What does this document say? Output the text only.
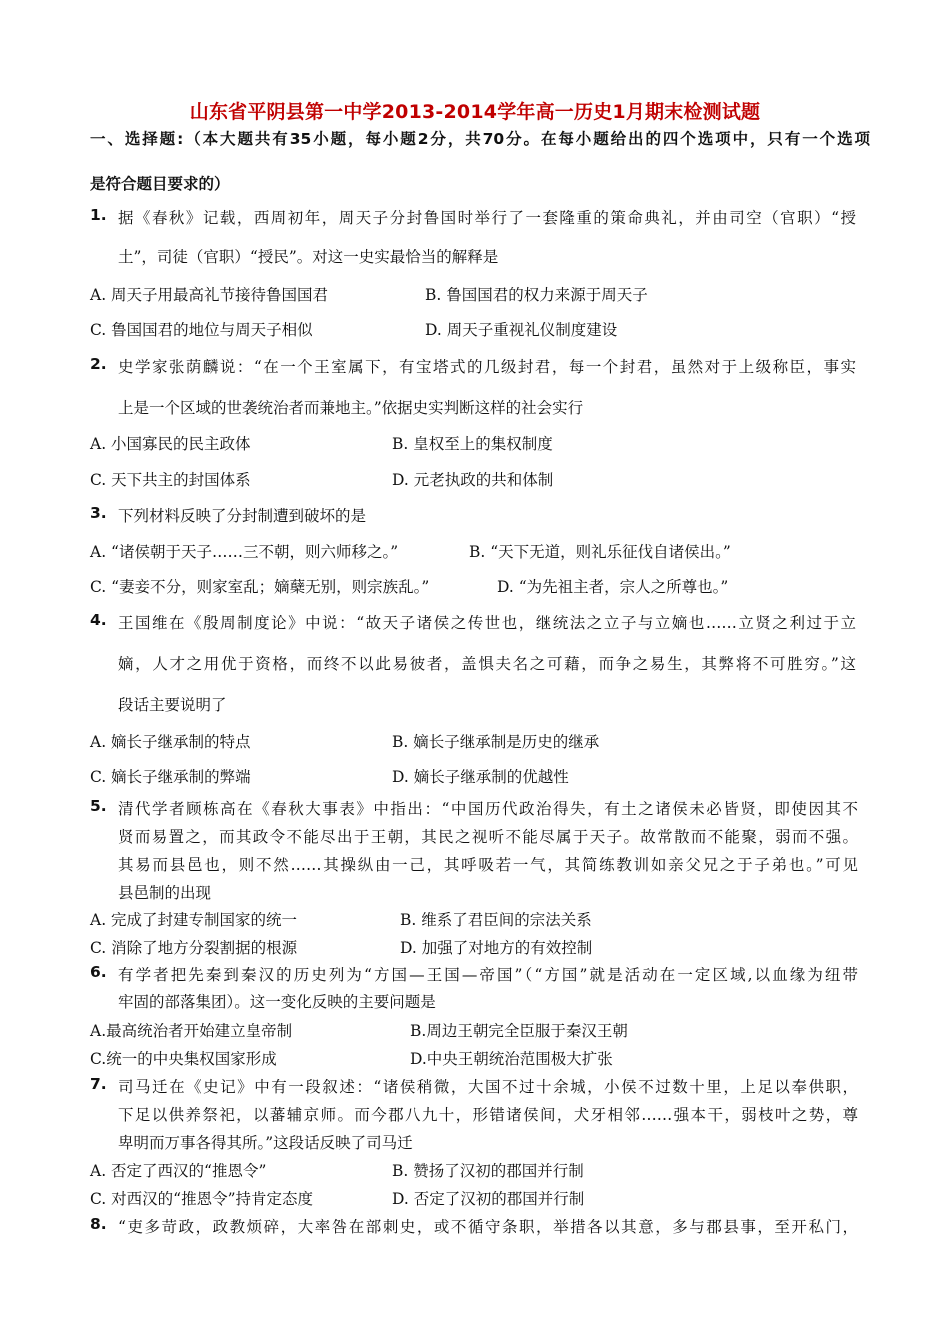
山东省平阴县第一中学2013-2014学年高一历史1月期末检测试题
一、选择题:（本大题共有35小题，每小题2分，共70分。在每小题给出的四个选项中，只有一个选项
是符合题目要求的）
1. 据《春秋》记载，西周初年，周天子分封鲁国时举行了一套隆重的策命典礼，并由司空（官职）“授
土”，司徒（官职）“授民”。对这一史实最恰当的解释是
A. 周天子用最高礼节接待鲁国国君	B. 鲁国国君的权力来源于周天子
C. 鲁国国君的地位与周天子相似	D. 周天子重视礼仪制度建设
2. 史学家张荫麟说：“在一个王室属下，有宝塔式的几级封君，每一个封君，虽然对于上级称臣，事实
上是一个区域的世袭统治者而兼地主。”依据史实判断这样的社会实行
A. 小国寡民的民主政体	B. 皇权至上的集权制度
C. 天下共主的封国体系	D. 元老执政的共和体制
3. 下列材料反映了分封制遭到破坏的是
A. “诸侯朝于天子……三不朝，则六师移之。”	B. “天下无道，则礼乐征伐自诸侯出。”
C. “妻妾不分，则家室乱；嫡蘖无别，则宗族乱。”	D. “为先祖主者，宗人之所尊也。”
4. 王国维在《殷周制度论》中说：“故天子诸侯之传世也，继统法之立子与立嫡也……立贤之利过于立
嫡，人才之用优于资格，而终不以此易彼者，盖惧夫名之可藉，而争之易生，其弊将不可胜穷。”这
段话主要说明了
A. 嫡长子继承制的特点	B. 嫡长子继承制是历史的继承
C. 嫡长子继承制的弊端	D. 嫡长子继承制的优越性
5. 清代学者顾栋高在《春秋大事表》中指出：“中国历代政治得失，有土之诸侯未必皆贤，即使因其不
贤而易置之，而其政令不能尽出于王朝，其民之视听不能尽属于天子。故常散而不能聚，弱而不强。
其易而县邑也，则不然……其操纵由一己，其呼吸若一气，其简练教训如亲父兄之于子弟也。”可见
县邑制的出现
A. 完成了封建专制国家的统一	B. 维系了君臣间的宗法关系
C. 消除了地方分裂割据的根源	D. 加强了对地方的有效控制
6. 有学者把先秦到秦汉的历史列为“方国—王国—帝国”（“方国”就是活动在一定区域,以血缘为纽带
牢固的部落集团）。这一变化反映的主要问题是
A.最高统治者开始建立皇帝制	B.周边王朝完全臣服于秦汉王朝
C.统一的中央集权国家形成	D.中央王朝统治范围极大扩张
7. 司马迁在《史记》中有一段叙述：“诸侯稍微，大国不过十余城，小侯不过数十里，上足以奉供职，
下足以供养祭祀，以蕃辅京师。而今郡八九十，形错诸侯间，犬牙相邻……强本干，弱枝叶之势，尊
卑明而万事各得其所。”这段话反映了司马迁
A. 否定了西汉的“推恩令”	B. 赞扬了汉初的郡国并行制
C. 对西汉的“推恩令”持肯定态度	D. 否定了汉初的郡国并行制
8. “吏多苛政，政教烦碎，大率咎在部刺史，或不循守条职，举措各以其意，多与郡县事，至开私门，
